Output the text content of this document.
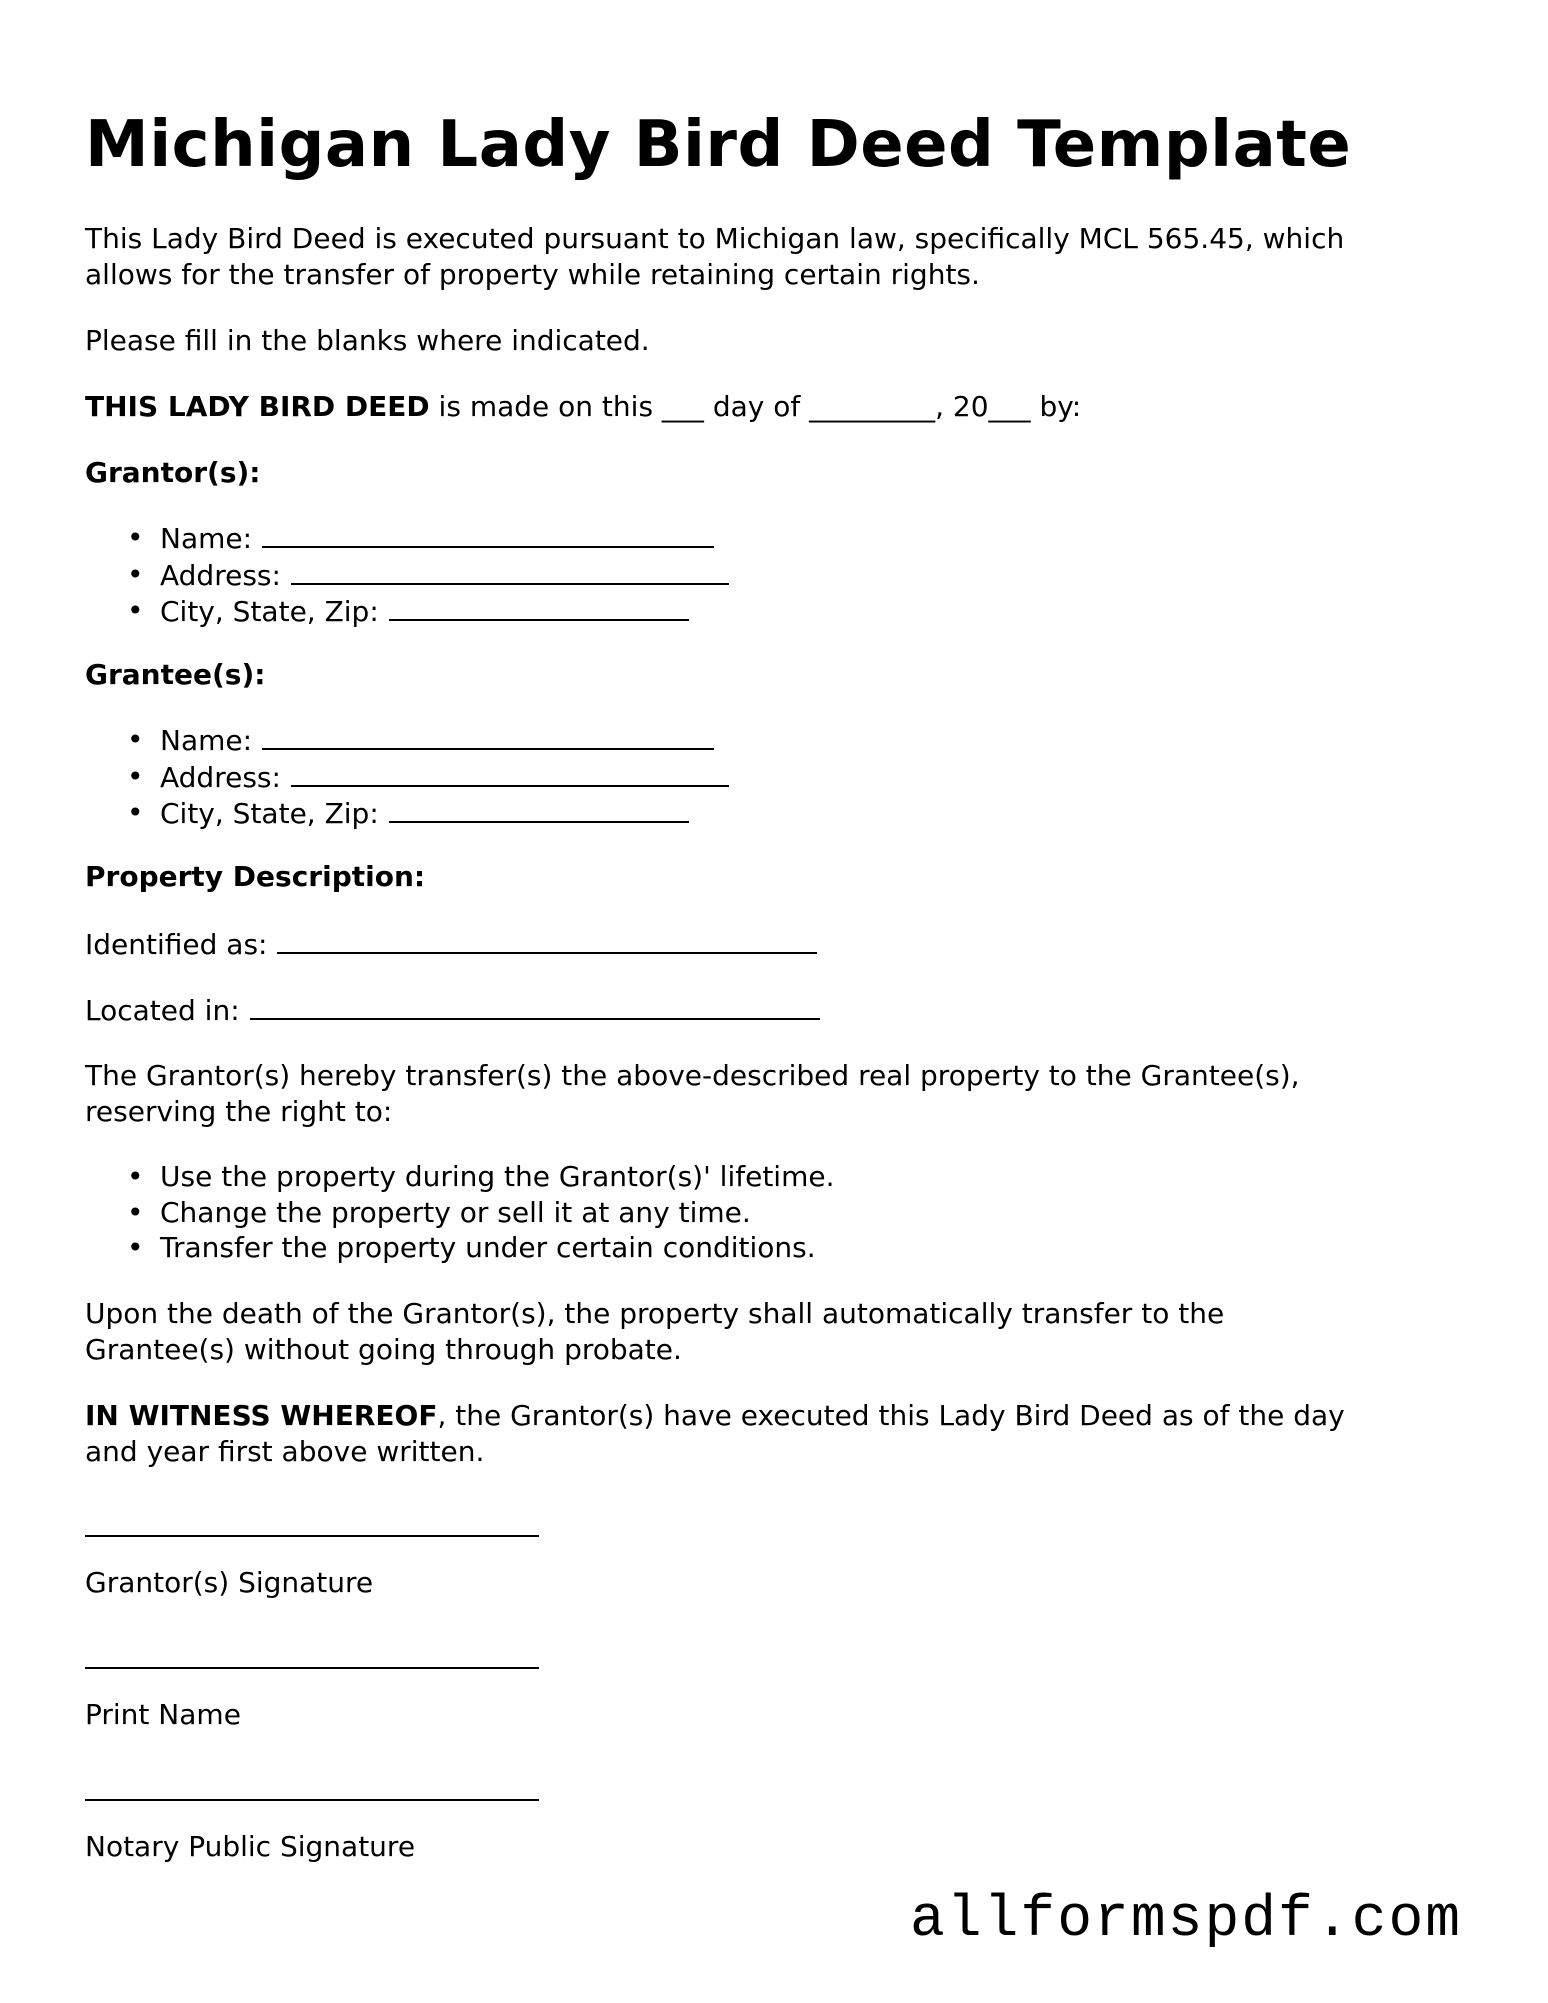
Michigan Lady Bird Deed Template
This Lady Bird Deed is executed pursuant to Michigan law, specifically MCL 565.45, which
allows for the transfer of property while retaining certain rights.
Please fill in the blanks where indicated.
THIS LADY BIRD DEED is made on this ___ day of _________, 20___ by:
Grantor(s):
• Name:
• Address:
• City, State, Zip:
Grantee(s):
• Name:
• Address:
• City, State, Zip:
Property Description:
Identified as:
Located in:
The Grantor(s) hereby transfer(s) the above-described real property to the Grantee(s),
reserving the right to:
• Use the property during the Grantor(s)' lifetime.
• Change the property or sell it at any time.
• Transfer the property under certain conditions.
Upon the death of the Grantor(s), the property shall automatically transfer to the
Grantee(s) without going through probate.
IN WITNESS WHEREOF, the Grantor(s) have executed this Lady Bird Deed as of the day
and year first above written.
Grantor(s) Signature
Print Name
Notary Public Signature
allformspdf.com
